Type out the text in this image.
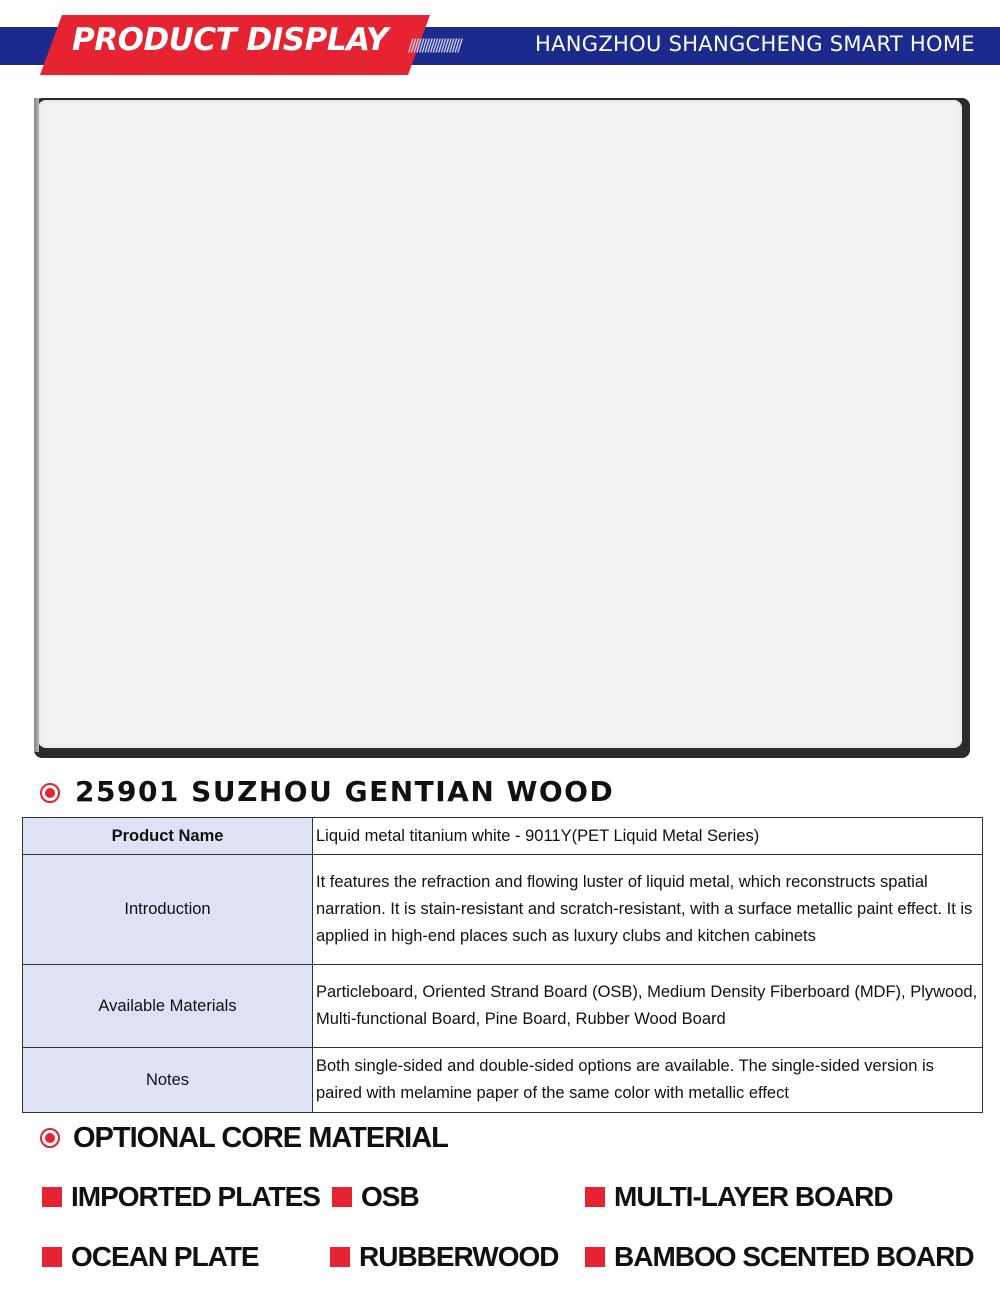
PRODUCT DISPLAY ///////////////////	HANGZHOU SHANGCHENG SMART HOME
25901 SUZHOU GENTIAN WOOD
Product Name	Liquid metal titanium white - 9011Y(PET Liquid Metal Series)
Introduction	It features the refraction and flowing luster of liquid metal, which reconstructs spatial narration. It is stain-resistant and scratch-resistant, with a surface metallic paint effect. It is applied in high-end places such as luxury clubs and kitchen cabinets
Available Materials	Particleboard, Oriented Strand Board (OSB), Medium Density Fiberboard (MDF), Plywood, Multi-functional Board, Pine Board, Rubber Wood Board
Notes	Both single-sided and double-sided options are available. The single-sided version is paired with melamine paper of the same color with metallic effect
OPTIONAL CORE MATERIAL
IMPORTED PLATES OSB	MULTI-LAYER BOARD
OCEAN PLATE	RUBBERWOOD BAMBOO SCENTED BOARD
